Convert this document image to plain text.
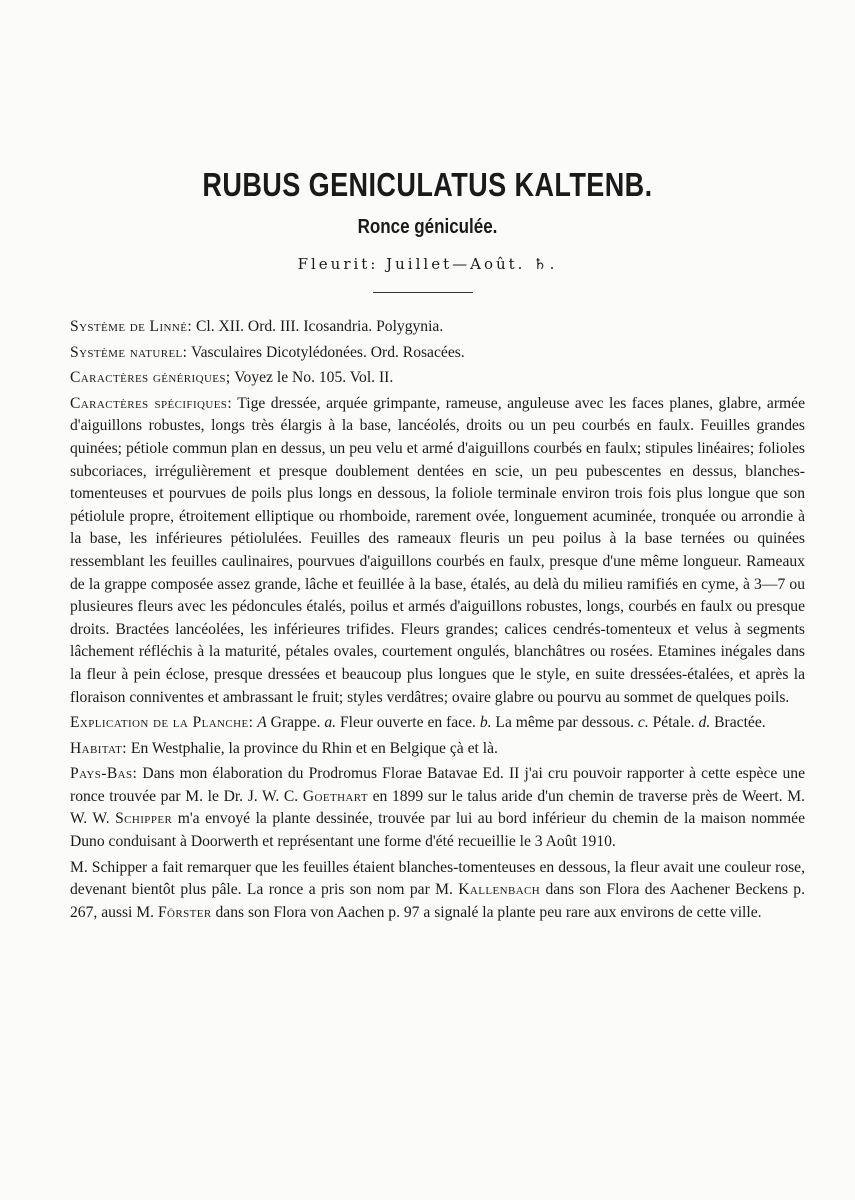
RUBUS GENICULATUS KALTENB.
Ronce géniculée.
Fleurit: Juillet—Août. ♄.

Système de Linné: Cl. XII. Ord. III. Icosandria. Polygynia.

Système naturel: Vasculaires Dicotylédonées. Ord. Rosacées.

Caractères génériques; Voyez le No. 105. Vol. II.

Caractères spécifiques: Tige dressée, arquée grimpante, rameuse, anguleuse avec les faces planes, glabre, armée d'aiguillons robustes, longs très élargis à la base, lancéolés, droits ou un peu courbés en faulx. Feuilles grandes quinées; pétiole commun plan en dessus, un peu velu et armé d'aiguillons courbés en faulx; stipules linéaires; folioles subcoriaces, irrégulièrement et presque doublement dentées en scie, un peu pubescentes en dessus, blanches-tomenteuses et pourvues de poils plus longs en dessous, la foliole terminale environ trois fois plus longue que son pétiolule propre, étroitement elliptique ou rhomboide, rarement ovée, longuement acuminée, tronquée ou arrondie à la base, les inférieures pétiolulées. Feuilles des rameaux fleuris un peu poilus à la base ternées ou quinées ressemblant les feuilles caulinaires, pourvues d'aiguillons courbés en faulx, presque d'une même longueur. Rameaux de la grappe composée assez grande, lâche et feuillée à la base, étalés, au delà du milieu ramifiés en cyme, à 3—7 ou plusieures fleurs avec les pédoncules étalés, poilus et armés d'aiguillons robustes, longs, courbés en faulx ou presque droits. Bractées lancéolées, les inférieures trifides. Fleurs grandes; calices cendrés-tomenteux et velus à segments lâchement réfléchis à la maturité, pétales ovales, courtement ongulés, blanchâtres ou rosées. Etamines inégales dans la fleur à pein éclose, presque dressées et beaucoup plus longues que le style, en suite dressées-étalées, et après la floraison conniventes et ambrassant le fruit; styles verdâtres; ovaire glabre ou pourvu au sommet de quelques poils.

Explication de la Planche: A Grappe. a. Fleur ouverte en face. b. La même par dessous. c. Pétale. d. Bractée.

Habitat: En Westphalie, la province du Rhin et en Belgique çà et là.

Pays-Bas: Dans mon élaboration du Prodromus Florae Batavae Ed. II j'ai cru pouvoir rapporter à cette espèce une ronce trouvée par M. le Dr. J. W. C. Goethart en 1899 sur le talus aride d'un chemin de traverse près de Weert. M. W. W. Schipper m'a envoyé la plante dessinée, trouvée par lui au bord inférieur du chemin de la maison nommée Duno conduisant à Doorwerth et représentant une forme d'été recueillie le 3 Août 1910.

M. Schipper a fait remarquer que les feuilles étaient blanches-tomenteuses en dessous, la fleur avait une couleur rose, devenant bientôt plus pâle. La ronce a pris son nom par M. Kallenbach dans son Flora des Aachener Beckens p. 267, aussi M. Förster dans son Flora von Aachen p. 97 a signalé la plante peu rare aux environs de cette ville.
